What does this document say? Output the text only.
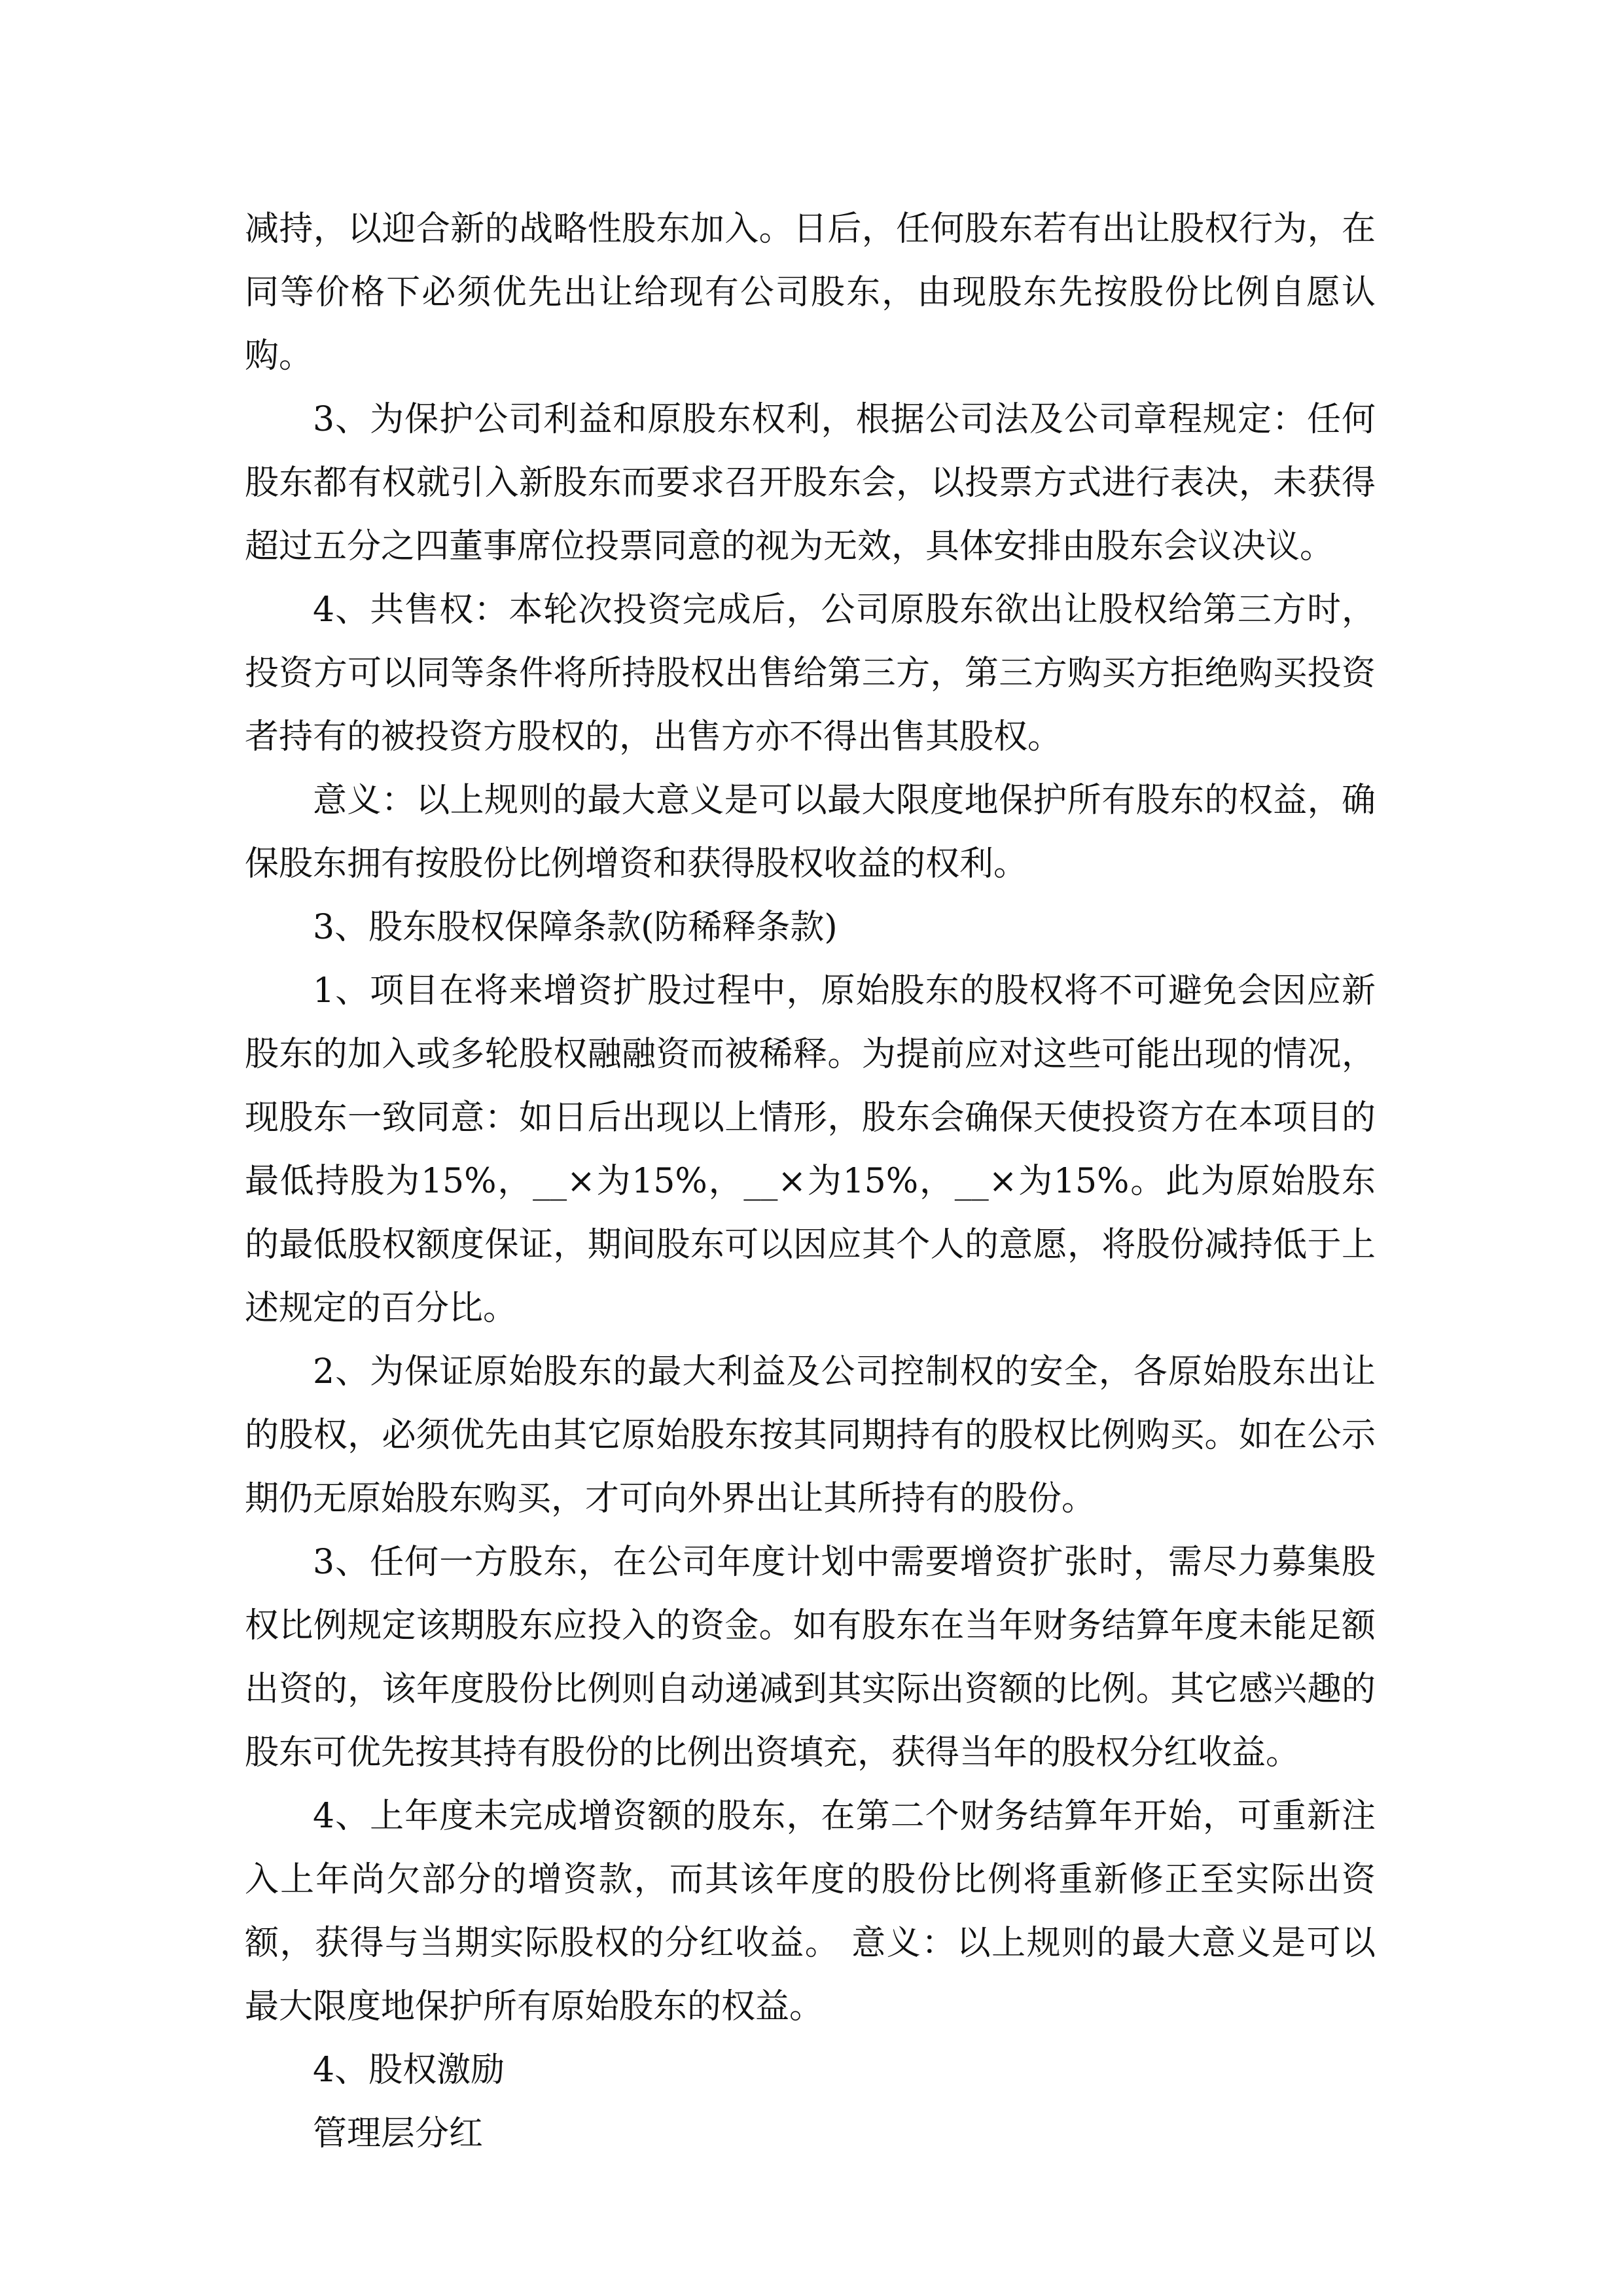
减持，以迎合新的战略性股东加入。日后，任何股东若有出让股权行为，在同等价格下必须优先出让给现有公司股东，由现股东先按股份比例自愿认购。

3、为保护公司利益和原股东权利，根据公司法及公司章程规定：任何股东都有权就引入新股东而要求召开股东会，以投票方式进行表决，未获得超过五分之四董事席位投票同意的视为无效，具体安排由股东会议决议。

4、共售权：本轮次投资完成后，公司原股东欲出让股权给第三方时，投资方可以同等条件将所持股权出售给第三方，第三方购买方拒绝购买投资者持有的被投资方股权的，出售方亦不得出售其股权。

意义：以上规则的最大意义是可以最大限度地保护所有股东的权益，确保股东拥有按股份比例增资和获得股权收益的权利。

3、股东股权保障条款(防稀释条款)

1、项目在将来增资扩股过程中，原始股东的股权将不可避免会因应新股东的加入或多轮股权融融资而被稀释。为提前应对这些可能出现的情况，现股东一致同意：如日后出现以上情形，股东会确保天使投资方在本项目的最低持股为15%，__×为15%，__×为15%，__×为15%。此为原始股东的最低股权额度保证，期间股东可以因应其个人的意愿，将股份减持低于上述规定的百分比。

2、为保证原始股东的最大利益及公司控制权的安全，各原始股东出让的股权，必须优先由其它原始股东按其同期持有的股权比例购买。如在公示期仍无原始股东购买，才可向外界出让其所持有的股份。

3、任何一方股东，在公司年度计划中需要增资扩张时，需尽力募集股权比例规定该期股东应投入的资金。如有股东在当年财务结算年度未能足额出资的，该年度股份比例则自动递减到其实际出资额的比例。其它感兴趣的股东可优先按其持有股份的比例出资填充，获得当年的股权分红收益。

4、上年度未完成增资额的股东，在第二个财务结算年开始，可重新注入上年尚欠部分的增资款，而其该年度的股份比例将重新修正至实际出资额，获得与当期实际股权的分红收益。 意义：以上规则的最大意义是可以最大限度地保护所有原始股东的权益。

4、股权激励

管理层分红
